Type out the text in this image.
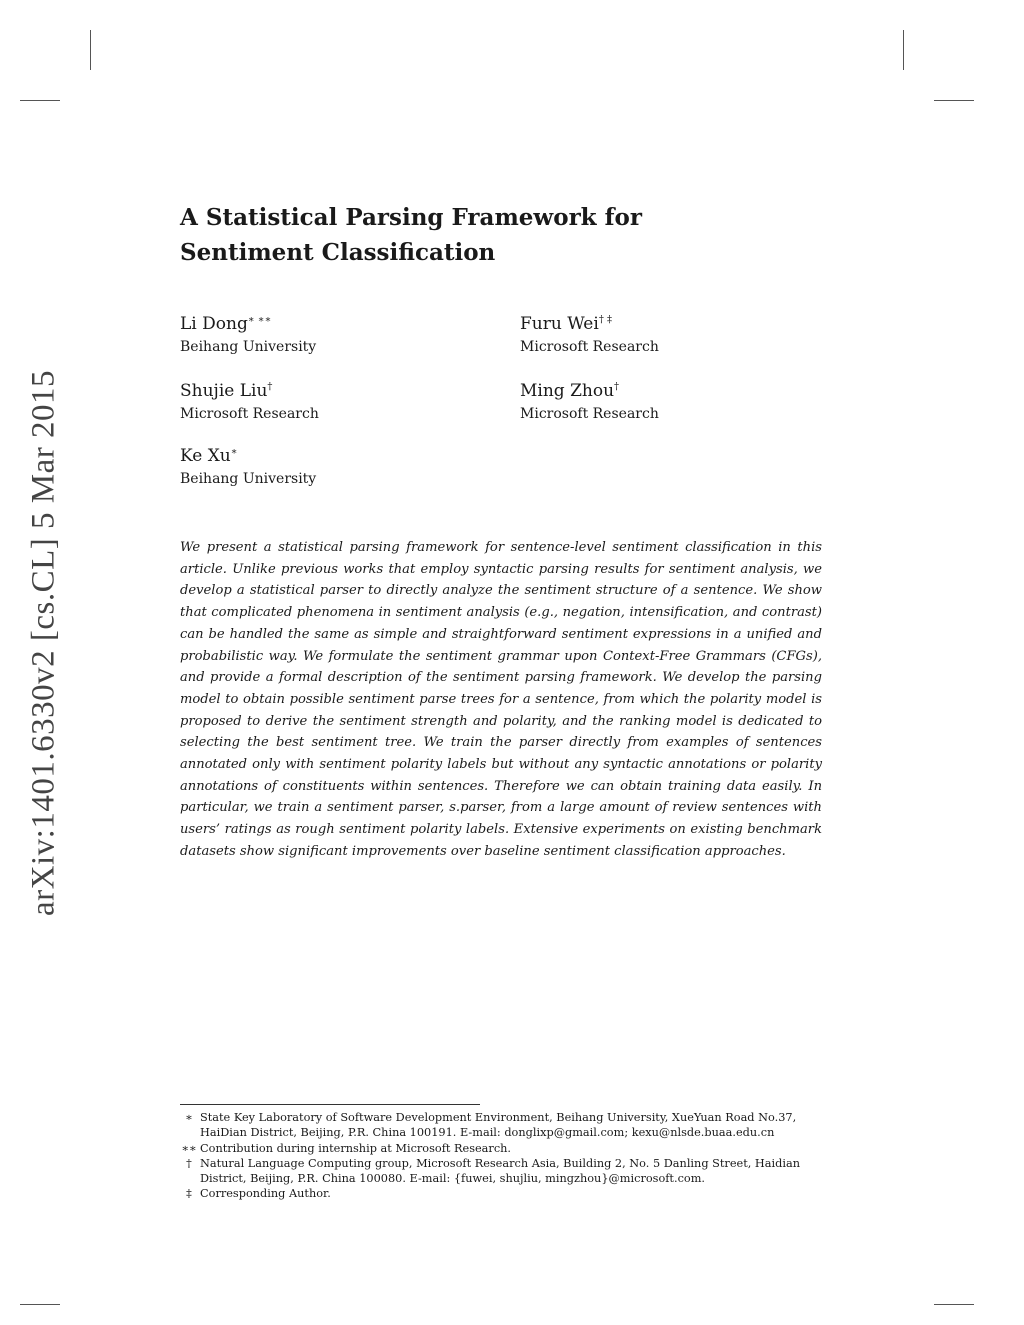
arXiv:1401.6330v2 [cs.CL] 5 Mar 2015
A Statistical Parsing Framework for
Sentiment Classification
Li Dong∗ ∗∗
Beihang University
Furu Wei† ‡
Microsoft Research
Shujie Liu†
Microsoft Research
Ming Zhou†
Microsoft Research
Ke Xu∗
Beihang University
We present a statistical parsing framework for sentence-level sentiment classification in this article. Unlike previous works that employ syntactic parsing results for sentiment analysis, we develop a statistical parser to directly analyze the sentiment structure of a sentence. We show that complicated phenomena in sentiment analysis (e.g., negation, intensification, and contrast) can be handled the same as simple and straightforward sentiment expressions in a unified and probabilistic way. We formulate the sentiment grammar upon Context-Free Grammars (CFGs), and provide a formal description of the sentiment parsing framework. We develop the parsing model to obtain possible sentiment parse trees for a sentence, from which the polarity model is proposed to derive the sentiment strength and polarity, and the ranking model is dedicated to selecting the best sentiment tree. We train the parser directly from examples of sentences annotated only with sentiment polarity labels but without any syntactic annotations or polarity annotations of constituents within sentences. Therefore we can obtain training data easily. In particular, we train a sentiment parser, s.parser, from a large amount of review sentences with users’ ratings as rough sentiment polarity labels. Extensive experiments on existing benchmark datasets show significant improvements over baseline sentiment classification approaches.
∗ State Key Laboratory of Software Development Environment, Beihang University, XueYuan Road No.37, HaiDian District, Beijing, P.R. China 100191. E-mail: donglixp@gmail.com; kexu@nlsde.buaa.edu.cn
∗∗ Contribution during internship at Microsoft Research.
† Natural Language Computing group, Microsoft Research Asia, Building 2, No. 5 Danling Street, Haidian District, Beijing, P.R. China 100080. E-mail: {fuwei, shujliu, mingzhou}@microsoft.com.
‡ Corresponding Author.
